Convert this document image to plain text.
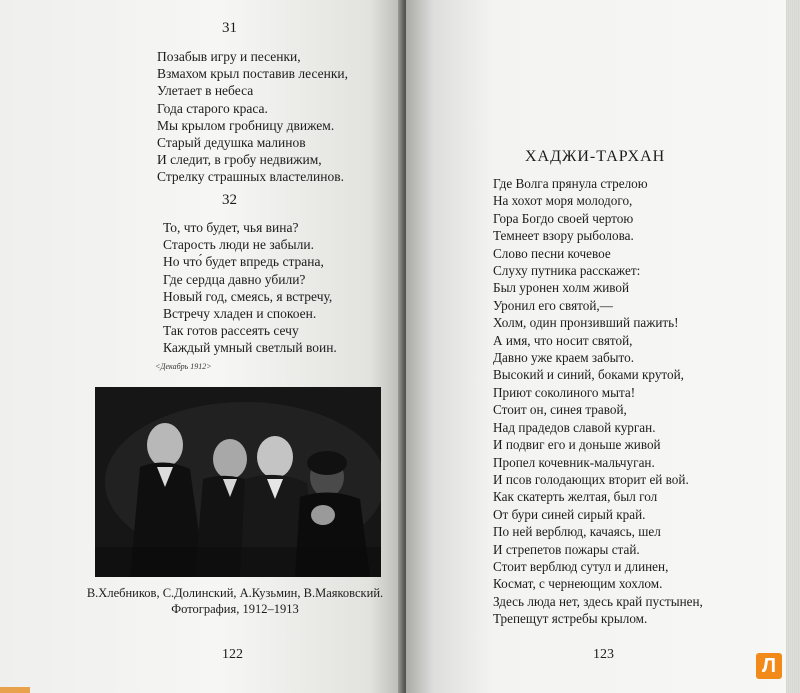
31
Позабыв игру и песенки,
Взмахом крыл поставив лесенки,
Улетает в небеса
Года старого краса.
Мы крылом гробницу движем.
Старый дедушка малинов
И следит, в гробу недвижим,
Стрелку страшных властелинов.
32
То, что будет, чья вина?
Старость люди не забыли.
Но что́ будет впредь страна,
Где сердца давно убили?
Новый год, смеясь, я встречу,
Встречу хладен и спокоен.
Так готов рассеять сечу
Каждый умный светлый воин.
<Декабрь 1912>
В.Хлебников, С.Долинский, А.Кузьмин, В.Маяковский.
Фотография, 1912–1913
122
ХАДЖИ-ТАРХАН
Где Волга прянула стрелою
На хохот моря молодого,
Гора Богдо своей чертою
Темнеет взору рыболова.
Слово песни кочевое
Слуху путника расскажет:
Был уронен холм живой
Уронил его святой,—
Холм, один пронзивший пажить!
А имя, что носит святой,
Давно уже краем забыто.
Высокий и синий, боками крутой,
Приют соколиного мыта!
Стоит он, синея травой,
Над прадедов славой курган.
И подвиг его и доньше живой
Пропел кочевник-мальчуган.
И псов голодающих вторит ей вой.
Как скатерть желтая, был гол
От бури синей сирый край.
По ней верблюд, качаясь, шел
И стрепетов пожары стай.
Стоит верблюд сутул и длинен,
Космат, с чернеющим хохлом.
Здесь люда нет, здесь край пустынен,
Трепещут ястребы крылом.
123
Л
